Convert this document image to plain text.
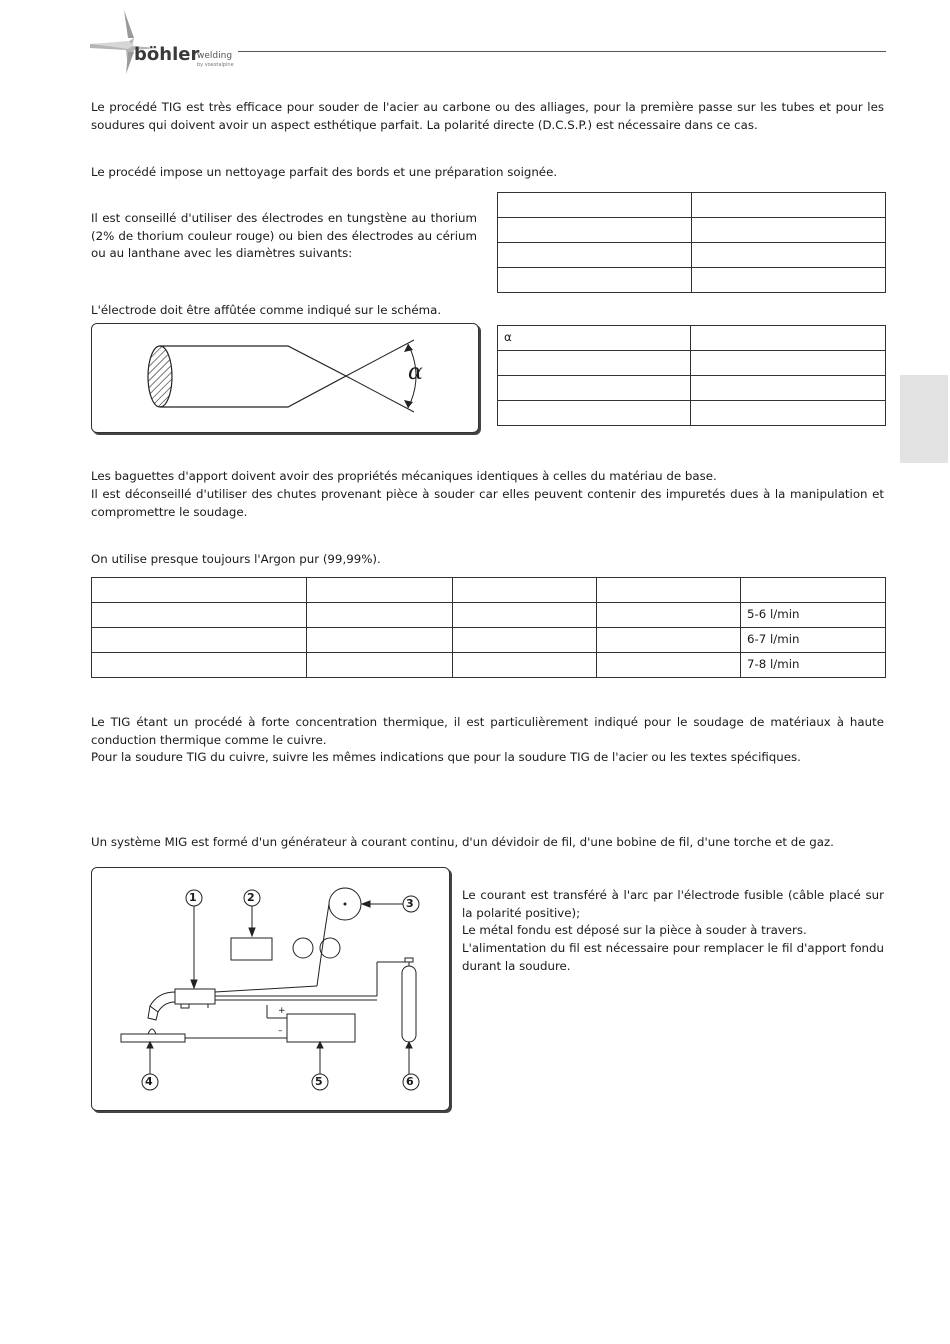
böhler
welding
by voestalpine

Le procédé TIG est très efficace pour souder de l'acier au carbone ou des alliages, pour la première passe sur les tubes et pour les soudures qui doivent avoir un aspect esthétique parfait. La polarité directe (D.C.S.P.) est nécessaire dans ce cas.

Le procédé impose un nettoyage parfait des bords et une préparation soignée.

Il est conseillé d'utiliser des électrodes en tungstène au thorium (2% de thorium couleur rouge) ou bien des électrodes au cérium ou au lanthane avec les diamètres suivants:

L'électrode doit être affûtée comme indiqué sur le schéma.

α
α	

Les baguettes d'apport doivent avoir des propriétés mécaniques identiques à celles du matériau de base.

Il est déconseillé d'utiliser des chutes provenant pièce à souder car elles peuvent contenir des impuretés dues à la manipulation et compromettre le soudage.

On utilise presque toujours l'Argon pur (99,99%).

				5-6 l/min
				6-7 l/min
				7-8 l/min

Le TIG étant un procédé à forte concentration thermique, il est particulièrement indiqué pour le soudage de matériaux à haute conduction thermique comme le cuivre.

Pour la soudure TIG du cuivre, suivre les mêmes indications que pour la soudure TIG de l'acier ou les textes spécifiques.

Un système MIG est formé d'un générateur à courant continu, d'un dévidoir de fil, d'une bobine de fil, d'une torche et de gaz.

1	2	3
4	5	6
+
–

Le courant est transféré à l'arc par l'électrode fusible (câble placé sur la polarité positive);

Le métal fondu est déposé sur la pièce à souder à travers.

L'alimentation du fil est nécessaire pour remplacer le fil d'apport fondu durant la soudure.
